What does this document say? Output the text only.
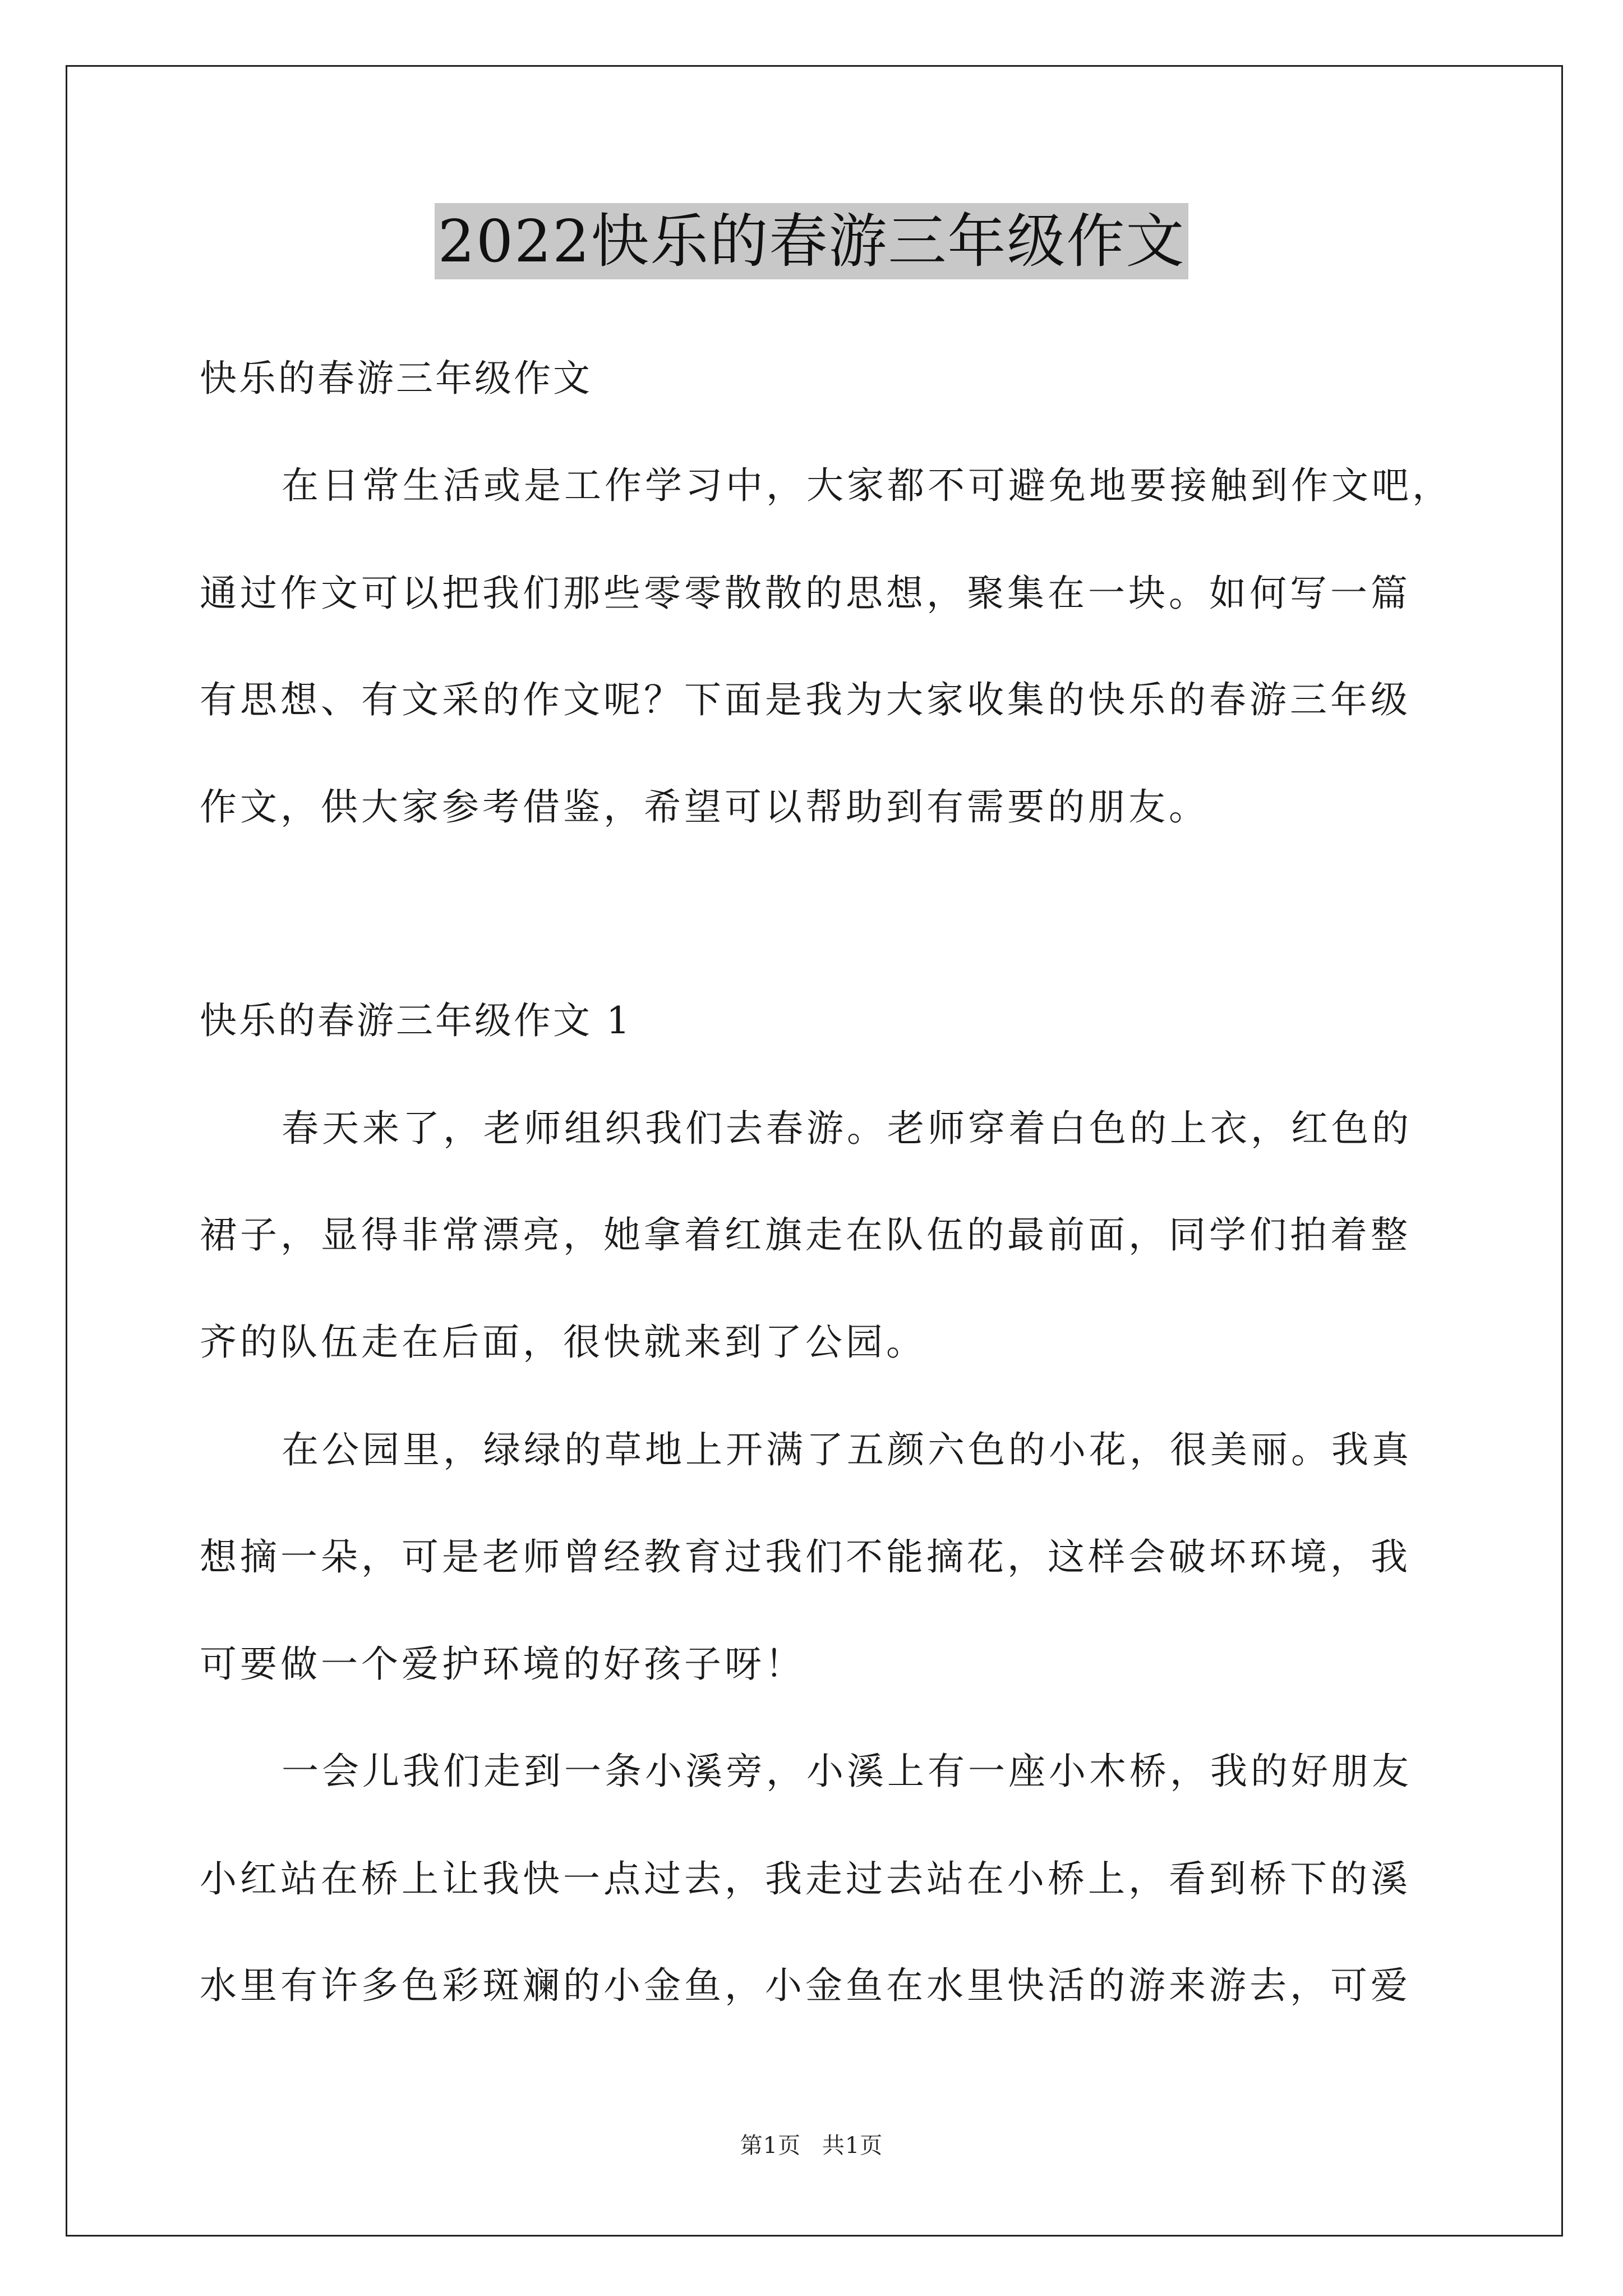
2022快乐的春游三年级作文
快乐的春游三年级作文
在日常生活或是工作学习中，大家都不可避免地要接触到作文吧，
通过作文可以把我们那些零零散散的思想，聚集在一块。如何写一篇
有思想、有文采的作文呢？下面是我为大家收集的快乐的春游三年级
作文，供大家参考借鉴，希望可以帮助到有需要的朋友。
快乐的春游三年级作文 1
春天来了，老师组织我们去春游。老师穿着白色的上衣，红色的
裙子，显得非常漂亮，她拿着红旗走在队伍的最前面，同学们拍着整
齐的队伍走在后面，很快就来到了公园。
在公园里，绿绿的草地上开满了五颜六色的小花，很美丽。我真
想摘一朵，可是老师曾经教育过我们不能摘花，这样会破坏环境，我
可要做一个爱护环境的好孩子呀！
一会儿我们走到一条小溪旁，小溪上有一座小木桥，我的好朋友
小红站在桥上让我快一点过去，我走过去站在小桥上，看到桥下的溪
水里有许多色彩斑斓的小金鱼，小金鱼在水里快活的游来游去，可爱
第1页 共1页
